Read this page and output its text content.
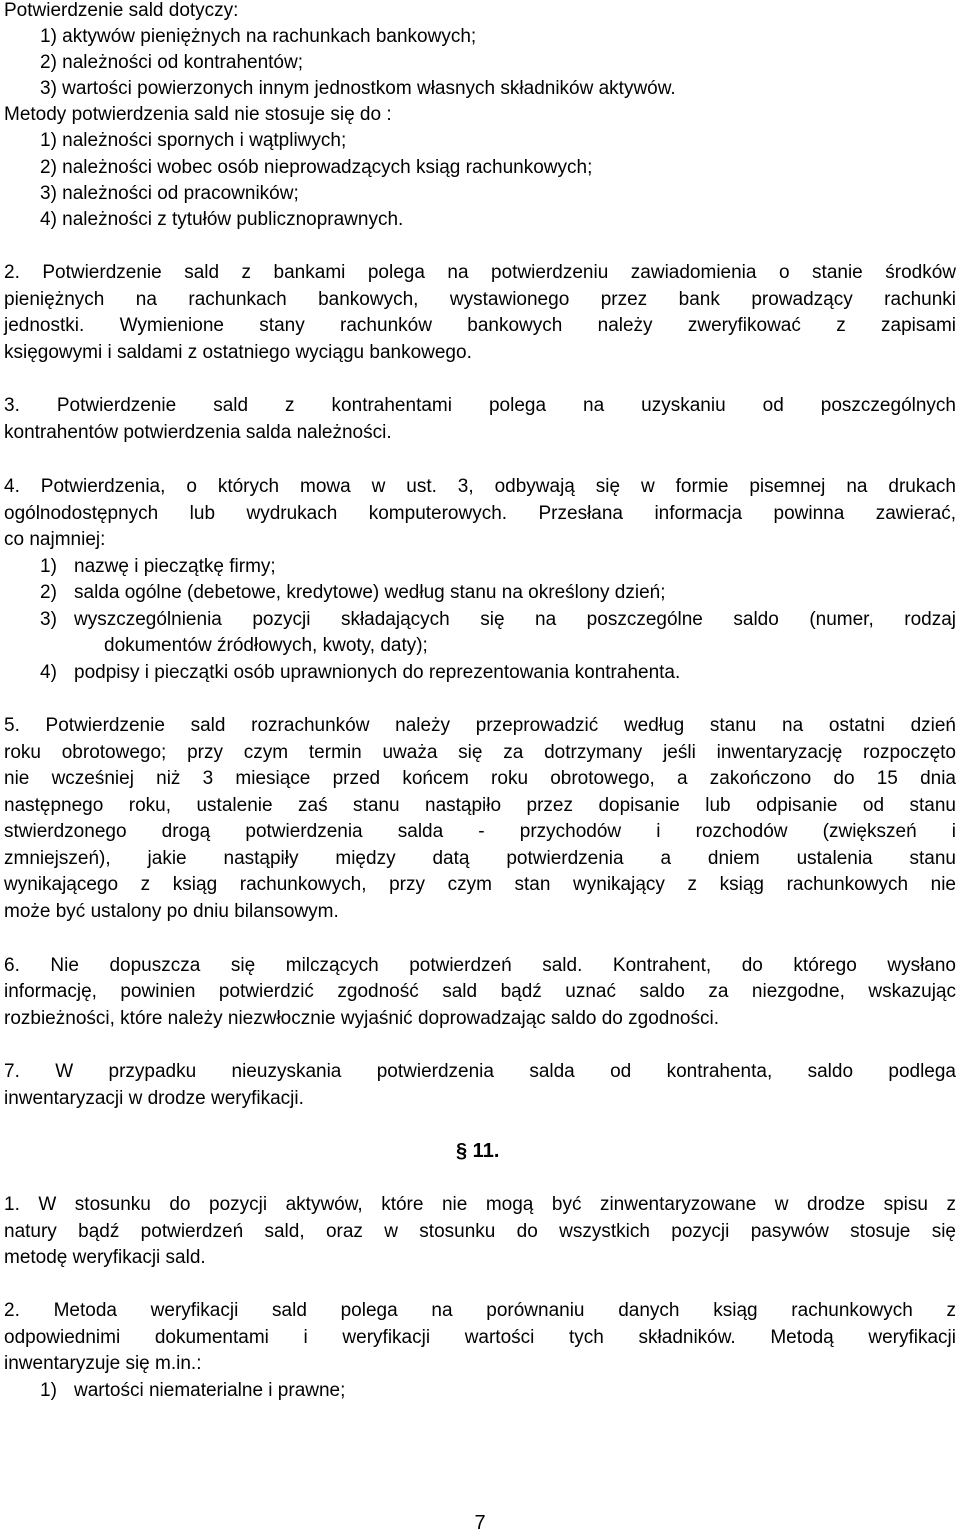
Potwierdzenie sald dotyczy:
1) aktywów pieniężnych na rachunkach bankowych;
2) należności od kontrahentów;
3) wartości powierzonych innym jednostkom własnych składników aktywów.
Metody potwierdzenia sald nie stosuje się do :
1) należności spornych i wątpliwych;
2) należności wobec osób nieprowadzących ksiąg rachunkowych;
3) należności od pracowników;
4) należności z tytułów publicznoprawnych.
2. Potwierdzenie sald z bankami polega na potwierdzeniu zawiadomienia o stanie środków
pieniężnych na rachunkach bankowych, wystawionego przez bank prowadzący rachunki
jednostki. Wymienione stany rachunków bankowych należy zweryfikować z zapisami
księgowymi i saldami z ostatniego wyciągu bankowego.
3. Potwierdzenie sald z kontrahentami polega na uzyskaniu od poszczególnych
kontrahentów potwierdzenia salda należności.
4. Potwierdzenia, o których mowa w ust. 3, odbywają się w formie pisemnej na drukach
ogólnodostępnych lub wydrukach komputerowych. Przesłana informacja powinna zawierać,
co najmniej:
1) nazwę i pieczątkę firmy;
2) salda ogólne (debetowe, kredytowe) według stanu na określony dzień;
3) wyszczególnienia pozycji składających się na poszczególne saldo (numer, rodzaj
dokumentów źródłowych, kwoty, daty);
4) podpisy i pieczątki osób uprawnionych do reprezentowania kontrahenta.
5. Potwierdzenie sald rozrachunków należy przeprowadzić według stanu na ostatni dzień
roku obrotowego; przy czym termin uważa się za dotrzymany jeśli inwentaryzację rozpoczęto
nie wcześniej niż 3 miesiące przed końcem roku obrotowego, a zakończono do 15 dnia
następnego roku, ustalenie zaś stanu nastąpiło przez dopisanie lub odpisanie od stanu
stwierdzonego drogą potwierdzenia salda - przychodów i rozchodów (zwiększeń i
zmniejszeń), jakie nastąpiły między datą potwierdzenia a dniem ustalenia stanu
wynikającego z ksiąg rachunkowych, przy czym stan wynikający z ksiąg rachunkowych nie
może być ustalony po dniu bilansowym.
6. Nie dopuszcza się milczących potwierdzeń sald. Kontrahent, do którego wysłano
informację, powinien potwierdzić zgodność sald bądź uznać saldo za niezgodne, wskazując
rozbieżności, które należy niezwłocznie wyjaśnić doprowadzając saldo do zgodności.
7. W przypadku nieuzyskania potwierdzenia salda od kontrahenta, saldo podlega
inwentaryzacji w drodze weryfikacji.
§ 11.
1. W stosunku do pozycji aktywów, które nie mogą być zinwentaryzowane w drodze spisu z
natury bądź potwierdzeń sald, oraz w stosunku do wszystkich pozycji pasywów stosuje się
metodę weryfikacji sald.
2. Metoda weryfikacji sald polega na porównaniu danych ksiąg rachunkowych z
odpowiednimi dokumentami i weryfikacji wartości tych składników. Metodą weryfikacji
inwentaryzuje się m.in.:
1) wartości niematerialne i prawne;
7
